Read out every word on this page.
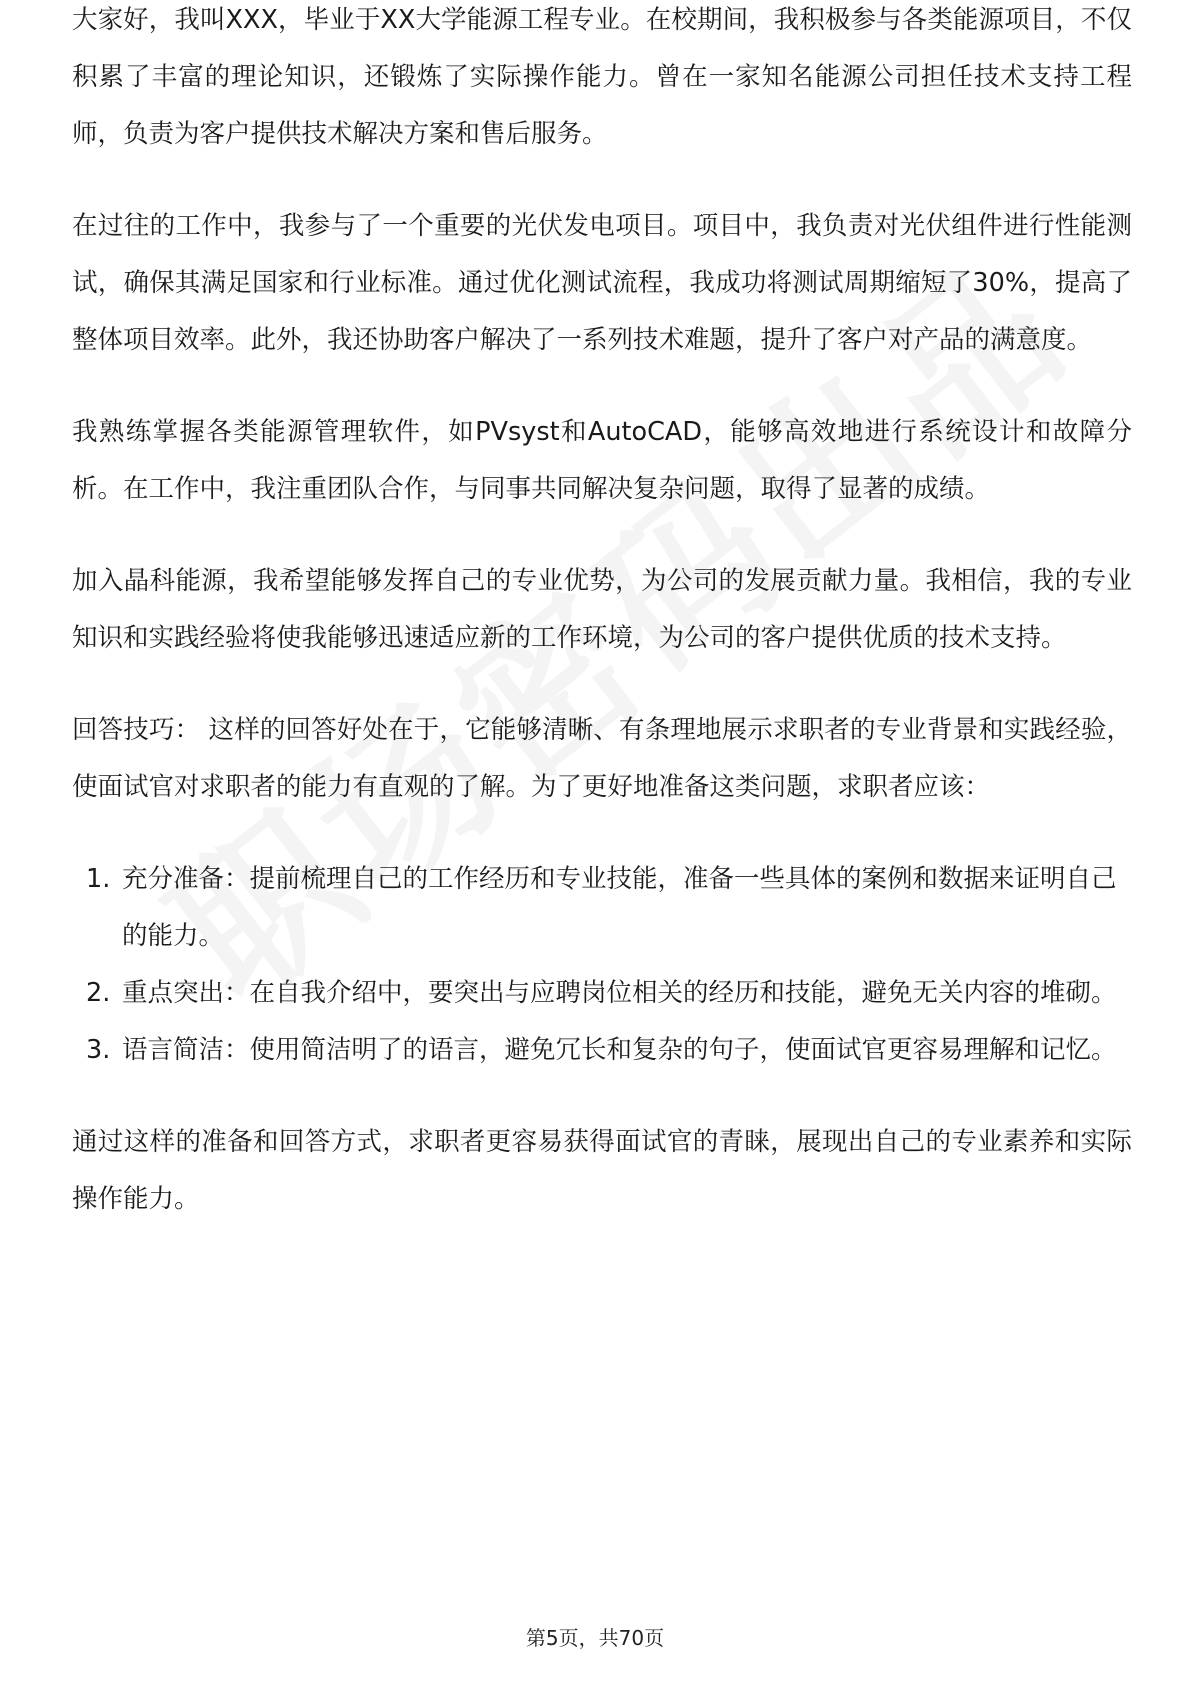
大家好，我叫XXX，毕业于XX大学能源工程专业。在校期间，我积极参与各类能源项目，不仅积累了丰富的理论知识，还锻炼了实际操作能力。曾在一家知名能源公司担任技术支持工程师，负责为客户提供技术解决方案和售后服务。

在过往的工作中，我参与了一个重要的光伏发电项目。项目中，我负责对光伏组件进行性能测试，确保其满足国家和行业标准。通过优化测试流程，我成功将测试周期缩短了30%，提高了整体项目效率。此外，我还协助客户解决了一系列技术难题，提升了客户对产品的满意度。

我熟练掌握各类能源管理软件，如PVsyst和AutoCAD，能够高效地进行系统设计和故障分析。在工作中，我注重团队合作，与同事共同解决复杂问题，取得了显著的成绩。

加入晶科能源，我希望能够发挥自己的专业优势，为公司的发展贡献力量。我相信，我的专业知识和实践经验将使我能够迅速适应新的工作环境，为公司的客户提供优质的技术支持。

回答技巧： 这样的回答好处在于，它能够清晰、有条理地展示求职者的专业背景和实践经验，使面试官对求职者的能力有直观的了解。为了更好地准备这类问题，求职者应该：

1. 充分准备：提前梳理自己的工作经历和专业技能，准备一些具体的案例和数据来证明自己的能力。
2. 重点突出：在自我介绍中，要突出与应聘岗位相关的经历和技能，避免无关内容的堆砌。
3. 语言简洁：使用简洁明了的语言，避免冗长和复杂的句子，使面试官更容易理解和记忆。

通过这样的准备和回答方式，求职者更容易获得面试官的青睐，展现出自己的专业素养和实际操作能力。

第5页，共70页
